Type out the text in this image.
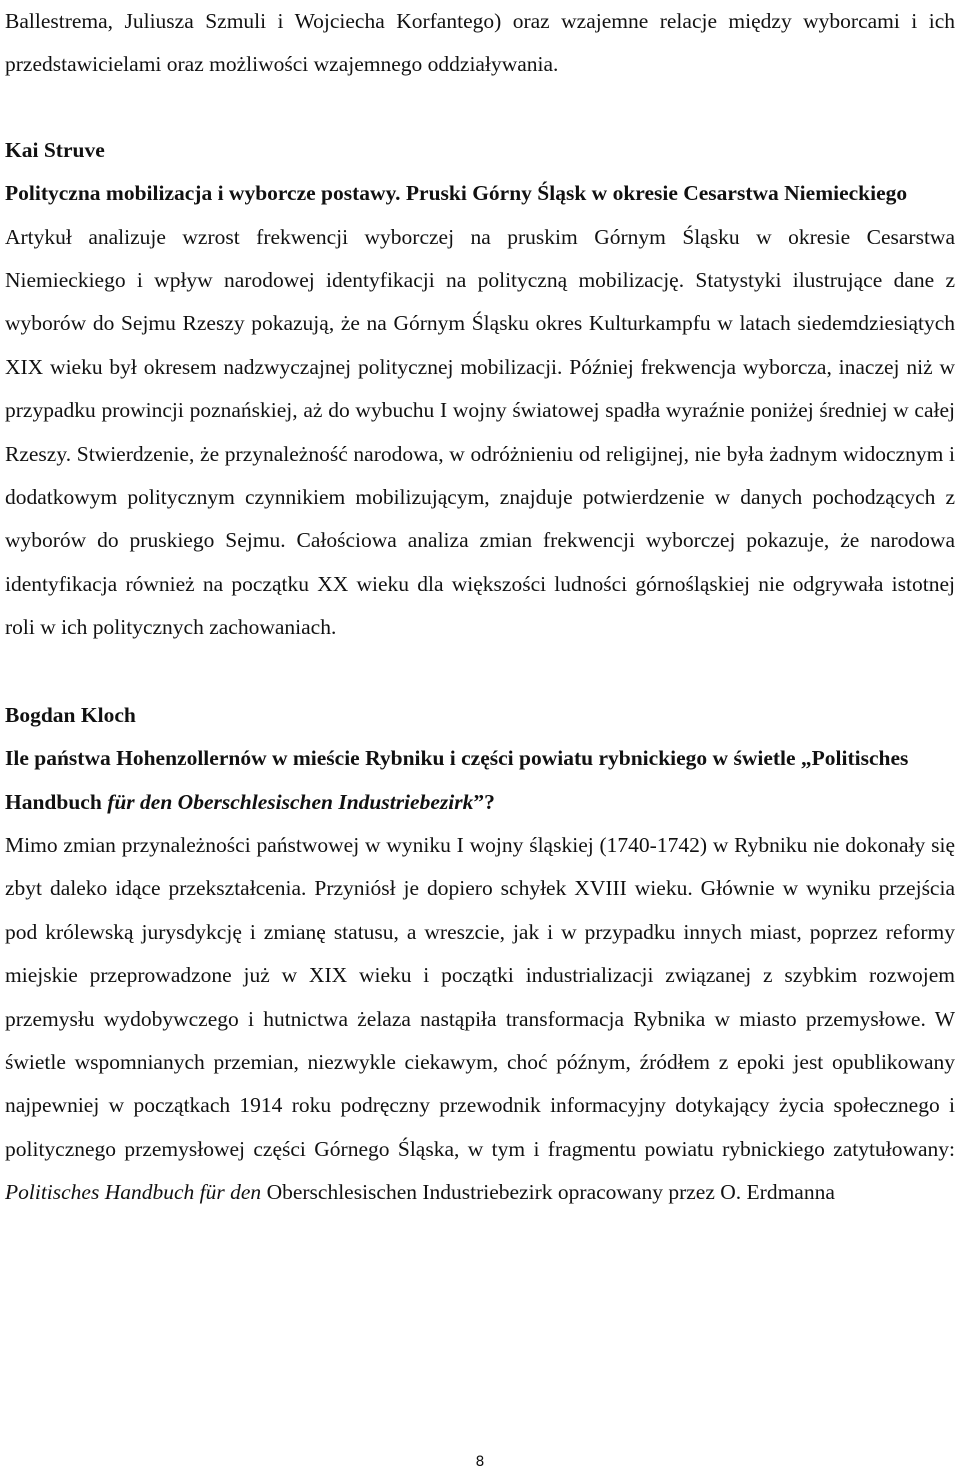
Ballestrema, Juliusza Szmuli i Wojciecha Korfantego) oraz wzajemne relacje między wyborcami i ich przedstawicielami oraz możliwości wzajemnego oddziaływania.

Kai Struve

Polityczna mobilizacja i wyborcze postawy. Pruski Górny Śląsk w okresie Cesarstwa Niemieckiego

Artykuł analizuje wzrost frekwencji wyborczej na pruskim Górnym Śląsku w okresie Cesarstwa Niemieckiego i wpływ narodowej identyfikacji na polityczną mobilizację. Statystyki ilustrujące dane z wyborów do Sejmu Rzeszy pokazują, że na Górnym Śląsku okres Kulturkampfu w latach siedemdziesiątych XIX wieku był okresem nadzwyczajnej politycznej mobilizacji. Później frekwencja wyborcza, inaczej niż w przypadku prowincji poznańskiej, aż do wybuchu I wojny światowej spadła wyraźnie poniżej średniej w całej Rzeszy. Stwierdzenie, że przynależność narodowa, w odróżnieniu od religijnej, nie była żadnym widocznym i dodatkowym politycznym czynnikiem mobilizującym, znajduje potwierdzenie w danych pochodzących z wyborów do pruskiego Sejmu. Całościowa analiza zmian frekwencji wyborczej pokazuje, że narodowa identyfikacja również na początku XX wieku dla większości ludności górnośląskiej nie odgrywała istotnej roli w ich politycznych zachowaniach.

Bogdan Kloch

Ile państwa Hohenzollernów w mieście Rybniku i części powiatu rybnickiego w świetle „Politisches Handbuch für den Oberschlesischen Industriebezirk”?

Mimo zmian przynależności państwowej w wyniku I wojny śląskiej (1740-1742) w Rybniku nie dokonały się zbyt daleko idące przekształcenia. Przyniósł je dopiero schyłek XVIII wieku. Głównie w wyniku przejścia pod królewską jurysdykcję i zmianę statusu, a wreszcie, jak i w przypadku innych miast, poprzez reformy miejskie przeprowadzone już w XIX wieku i początki industrializacji związanej z szybkim rozwojem przemysłu wydobywczego i hutnictwa żelaza nastąpiła transformacja Rybnika w miasto przemysłowe. W świetle wspomnianych przemian, niezwykle ciekawym, choć późnym, źródłem z epoki jest opublikowany najpewniej w początkach 1914 roku podręczny przewodnik informacyjny dotykający życia społecznego i politycznego przemysłowej części Górnego Śląska, w tym i fragmentu powiatu rybnickiego zatytułowany: Politisches Handbuch für den Oberschlesischen Industriebezirk opracowany przez O. Erdmanna

8
